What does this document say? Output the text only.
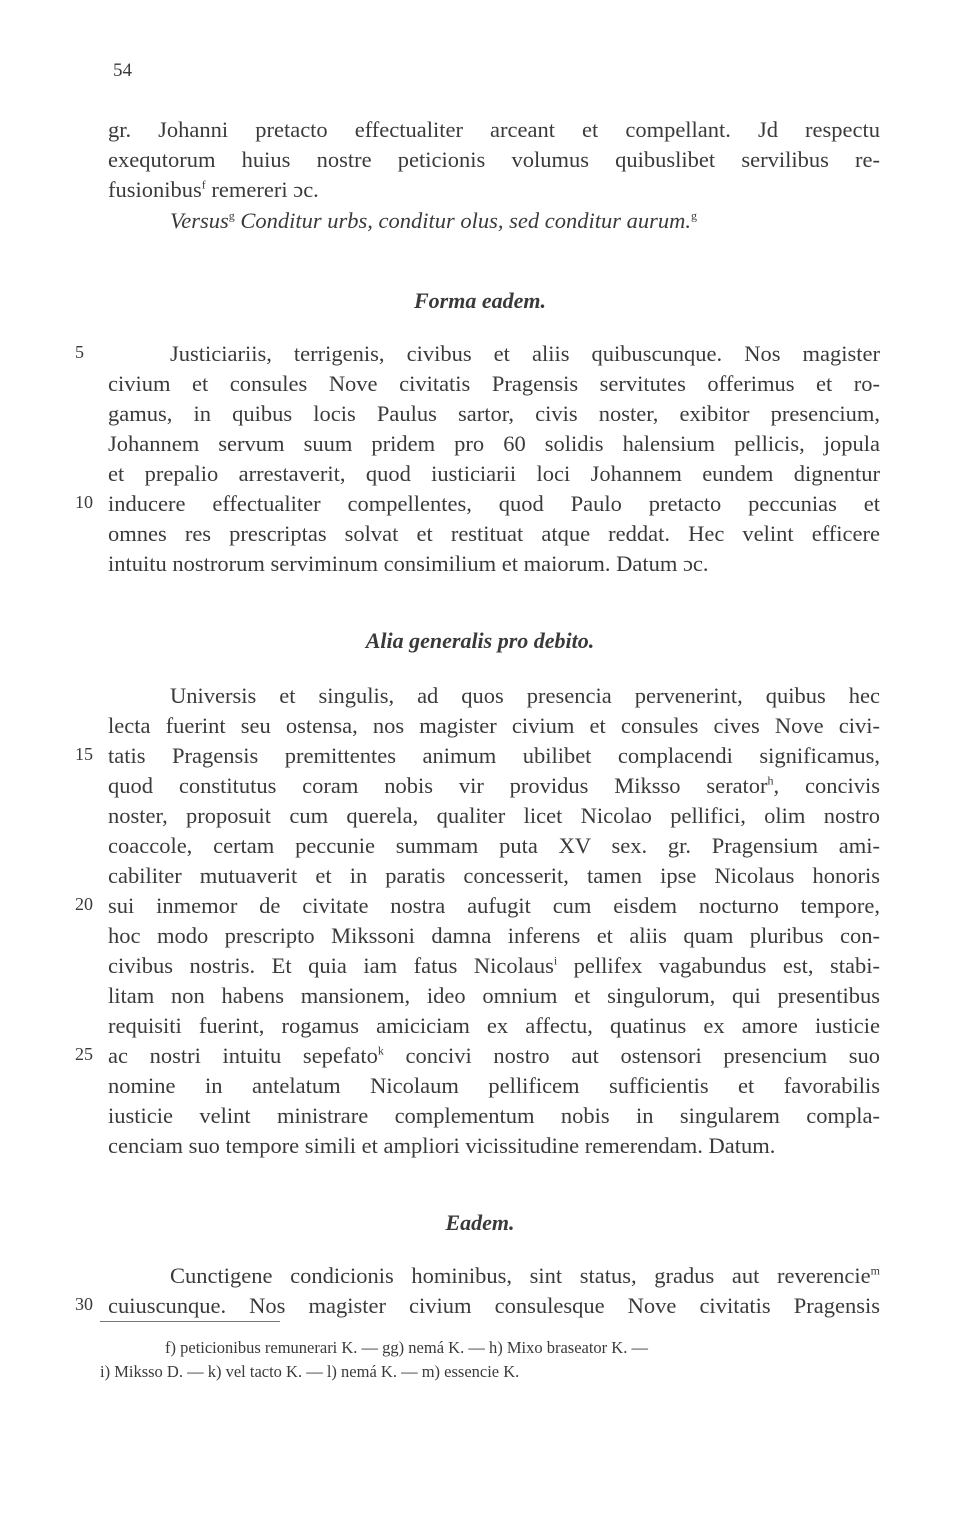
54
gr. Johanni pretacto effectualiter arceant et compellant. Jd respectu
exequtorum huius nostre peticionis volumus quibuslibet servilibus re-
fusionibus$^f$ remereri ɔc.
Versus$^g$ Conditur urbs, conditur olus, sed conditur aurum.$^g$
Forma eadem.
5	Justiciariis, terrigenis, civibus et aliis quibuscunque. Nos magister
civium et consules Nove civitatis Pragensis servitutes offerimus et ro-
gamus, in quibus locis Paulus sartor, civis noster, exibitor presencium,
Johannem servum suum pridem pro 60 solidis halensium pellicis, jopula
et prepalio arrestaverit, quod iusticiarii loci Johannem eundem dignentur
10 inducere effectualiter compellentes, quod Paulo pretacto peccunias et
omnes res prescriptas solvat et restituat atque reddat. Hec velint efficere
intuitu nostrorum serviminum consimilium et maiorum. Datum ɔc.
Alia generalis pro debito.
Universis et singulis, ad quos presencia pervenerint, quibus hec
lecta fuerint seu ostensa, nos magister civium et consules cives Nove civi-
15 tatis Pragensis premittentes animum ubilibet complacendi significamus,
quod constitutus coram nobis vir providus Miksso serator$^h$, concivis
noster, proposuit cum querela, qualiter licet Nicolao pellifici, olim nostro
coaccole, certam peccunie summam puta XV sex. gr. Pragensium ami-
cabiliter mutuaverit et in paratis concesserit, tamen ipse Nicolaus honoris
20 sui inmemor de civitate nostra aufugit cum eisdem nocturno tempore,
hoc modo prescripto Mikssoni damna inferens et aliis quam pluribus con-
civibus nostris. Et quia iam fatus Nicolaus$^i$ pellifex vagabundus est, stabi-
litam non habens mansionem, ideo omnium et singulorum, qui presentibus
requisiti fuerint, rogamus amiciciam ex affectu, quatinus ex amore iusticie
25 ac nostri intuitu sepefato$^k$ concivi nostro aut ostensori presencium suo
nomine in antelatum Nicolaum pellificem sufficientis et favorabilis
iusticie velint ministrare complementum nobis in singularem compla-
cenciam suo tempore simili et ampliori vicissitudine remerendam. Datum.
Eadem.
Cunctigene condicionis hominibus, sint status, gradus aut reverencie$^m$
30 cuiuscunque. Nos magister civium consulesque Nove civitatis Pragensis
f) peticionibus remunerari K. — gg) nemá K. — h) Mixo braseator K. —
i) Miksso D. — k) vel tacto K. — l) nemá K. — m) essencie K.
